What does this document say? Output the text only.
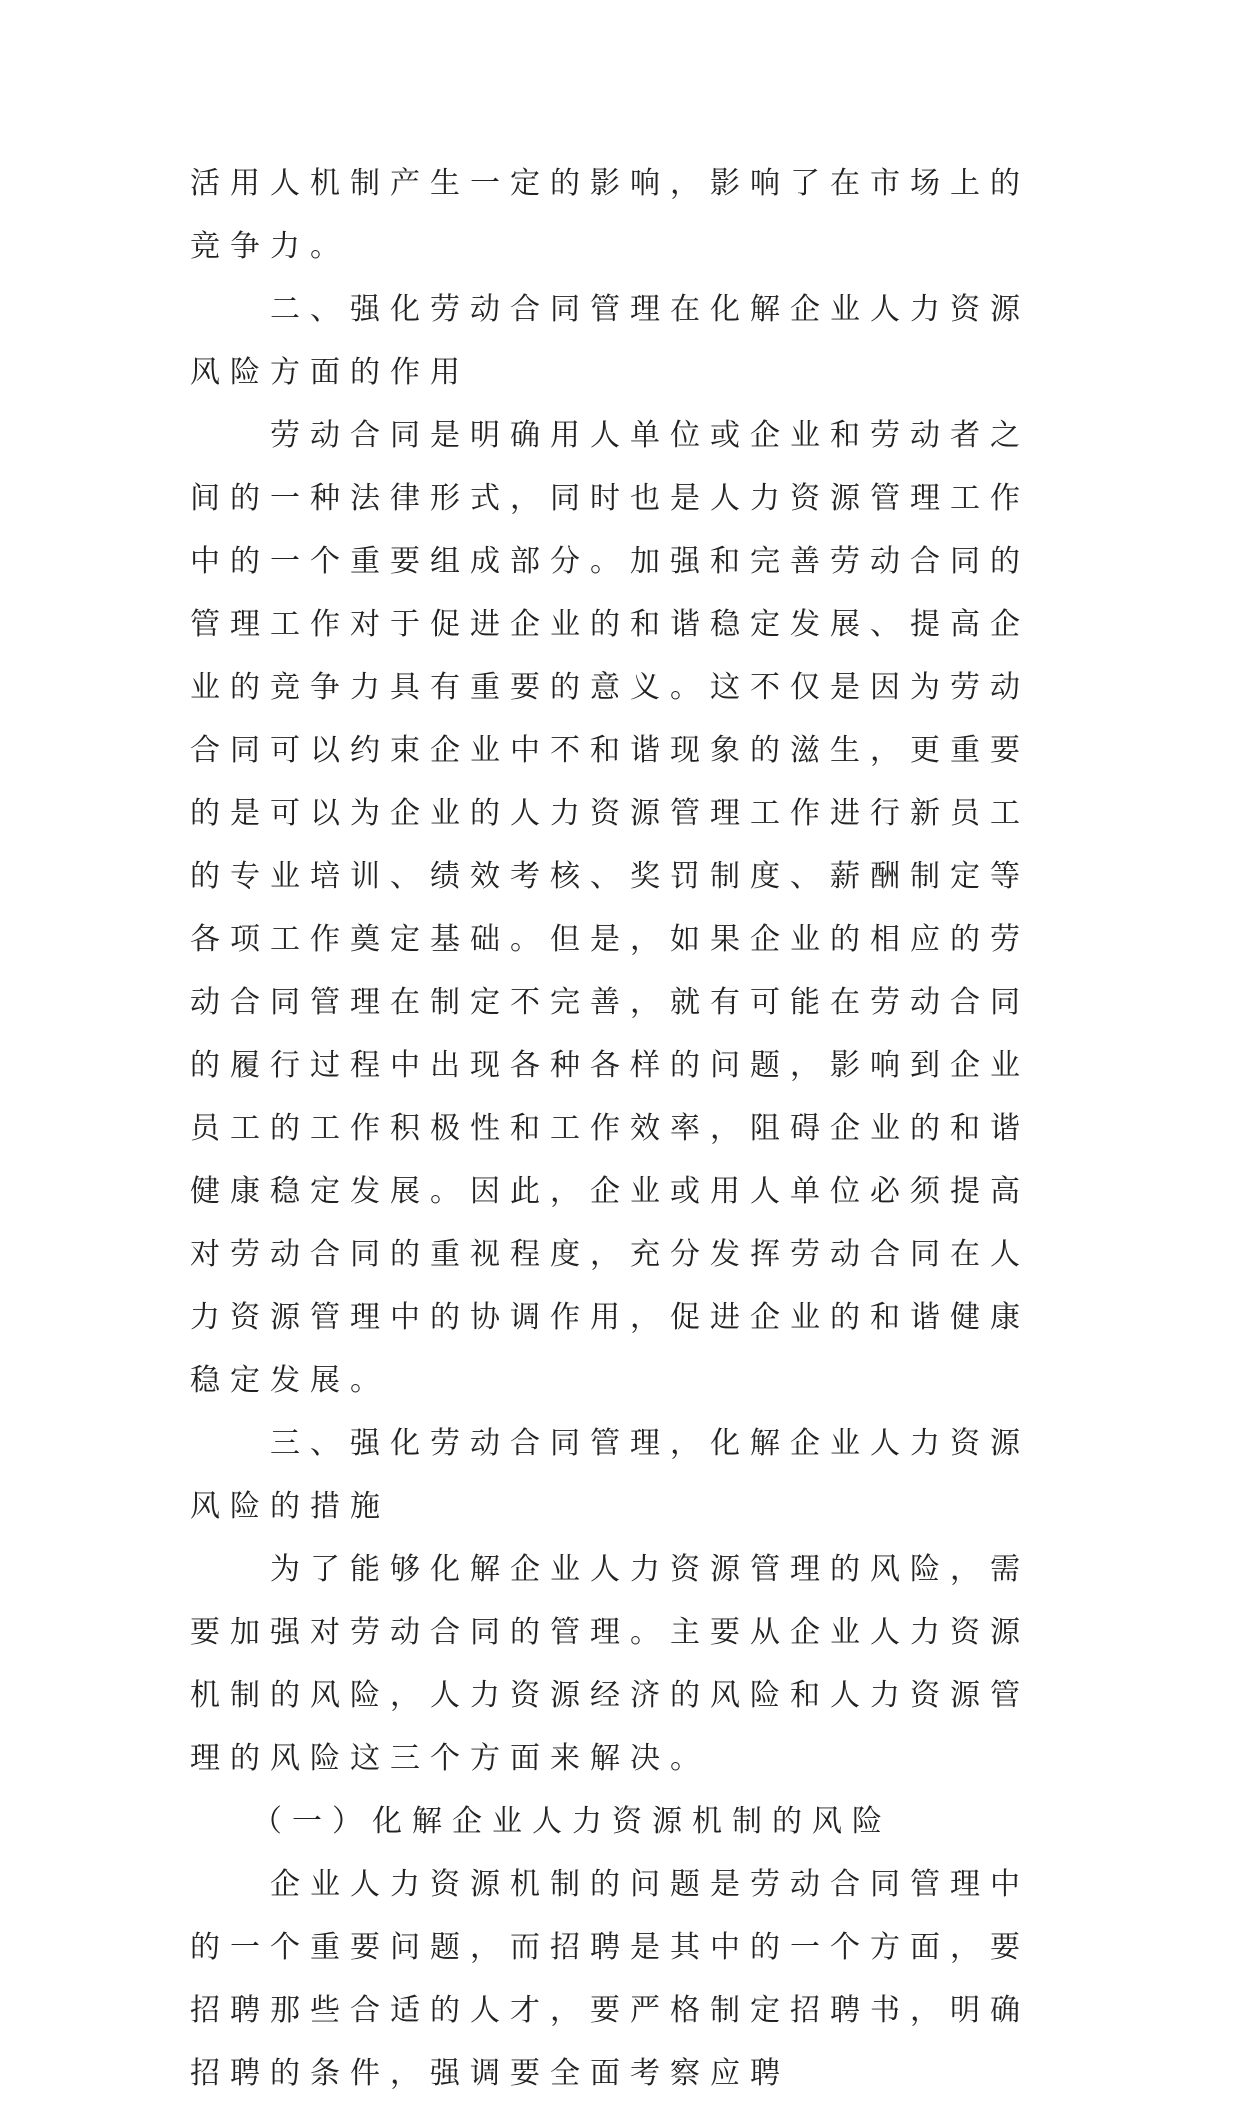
活用人机制产生一定的影响，影响了在市场上的竞争力。

二、强化劳动合同管理在化解企业人力资源风险方面的作用

劳动合同是明确用人单位或企业和劳动者之间的一种法律形式，同时也是人力资源管理工作中的一个重要组成部分。加强和完善劳动合同的管理工作对于促进企业的和谐稳定发展、提高企业的竞争力具有重要的意义。这不仅是因为劳动合同可以约束企业中不和谐现象的滋生，更重要的是可以为企业的人力资源管理工作进行新员工的专业培训、绩效考核、奖罚制度、薪酬制定等各项工作奠定基础。但是，如果企业的相应的劳动合同管理在制定不完善，就有可能在劳动合同的履行过程中出现各种各样的问题，影响到企业员工的工作积极性和工作效率，阻碍企业的和谐健康稳定发展。因此，企业或用人单位必须提高对劳动合同的重视程度，充分发挥劳动合同在人力资源管理中的协调作用，促进企业的和谐健康稳定发展。

三、强化劳动合同管理，化解企业人力资源风险的措施

为了能够化解企业人力资源管理的风险，需要加强对劳动合同的管理。主要从企业人力资源机制的风险，人力资源经济的风险和人力资源管理的风险这三个方面来解决。

（一）化解企业人力资源机制的风险

企业人力资源机制的问题是劳动合同管理中的一个重要问题，而招聘是其中的一个方面，要招聘那些合适的人才，要严格制定招聘书，明确招聘的条件，强调要全面考察应聘
